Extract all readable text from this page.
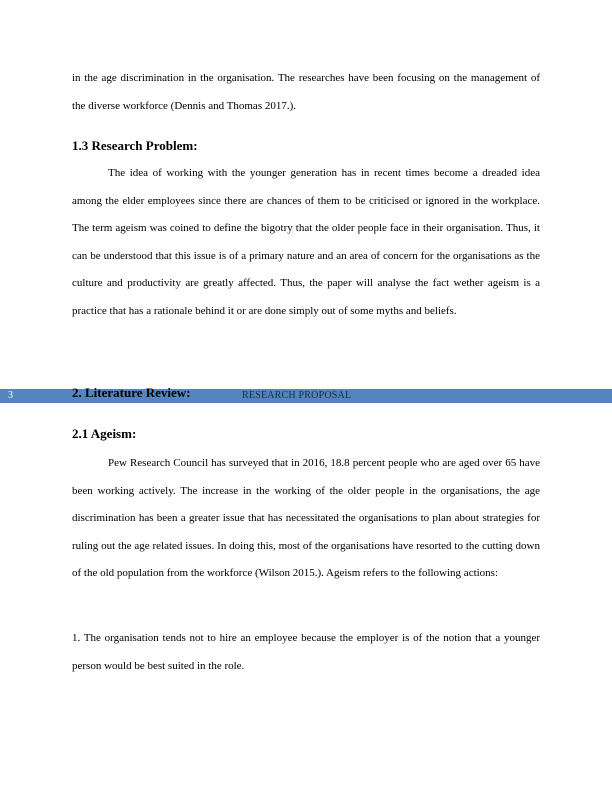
in the age discrimination in the organisation. The researches have been focusing on the management of the diverse workforce (Dennis and Thomas 2017.).

1.3 Research Problem:

The idea of working with the younger generation has in recent times become a dreaded idea among the elder employees since there are chances of them to be criticised or ignored in the workplace. The term ageism was coined to define the bigotry that the older people face in their organisation. Thus, it can be understood that this issue is of a primary nature and an area of concern for the organisations as the culture and productivity are greatly affected. Thus, the paper will analyse the fact wether ageism is a practice that has a rationale behind it or are done simply out of some myths and beliefs.

3	RESEARCH PROPOSAL
2. Literature Review:
2.1 Ageism:

Pew Research Council has surveyed that in 2016, 18.8 percent people who are aged over 65 have been working actively. The increase in the working of the older people in the organisations, the age discrimination has been a greater issue that has necessitated the organisations to plan about strategies for ruling out the age related issues. In doing this, most of the organisations have resorted to the cutting down of the old population from the workforce (Wilson 2015.). Ageism refers to the following actions:

1. The organisation tends not to hire an employee because the employer is of the notion that a younger person would be best suited in the role.
